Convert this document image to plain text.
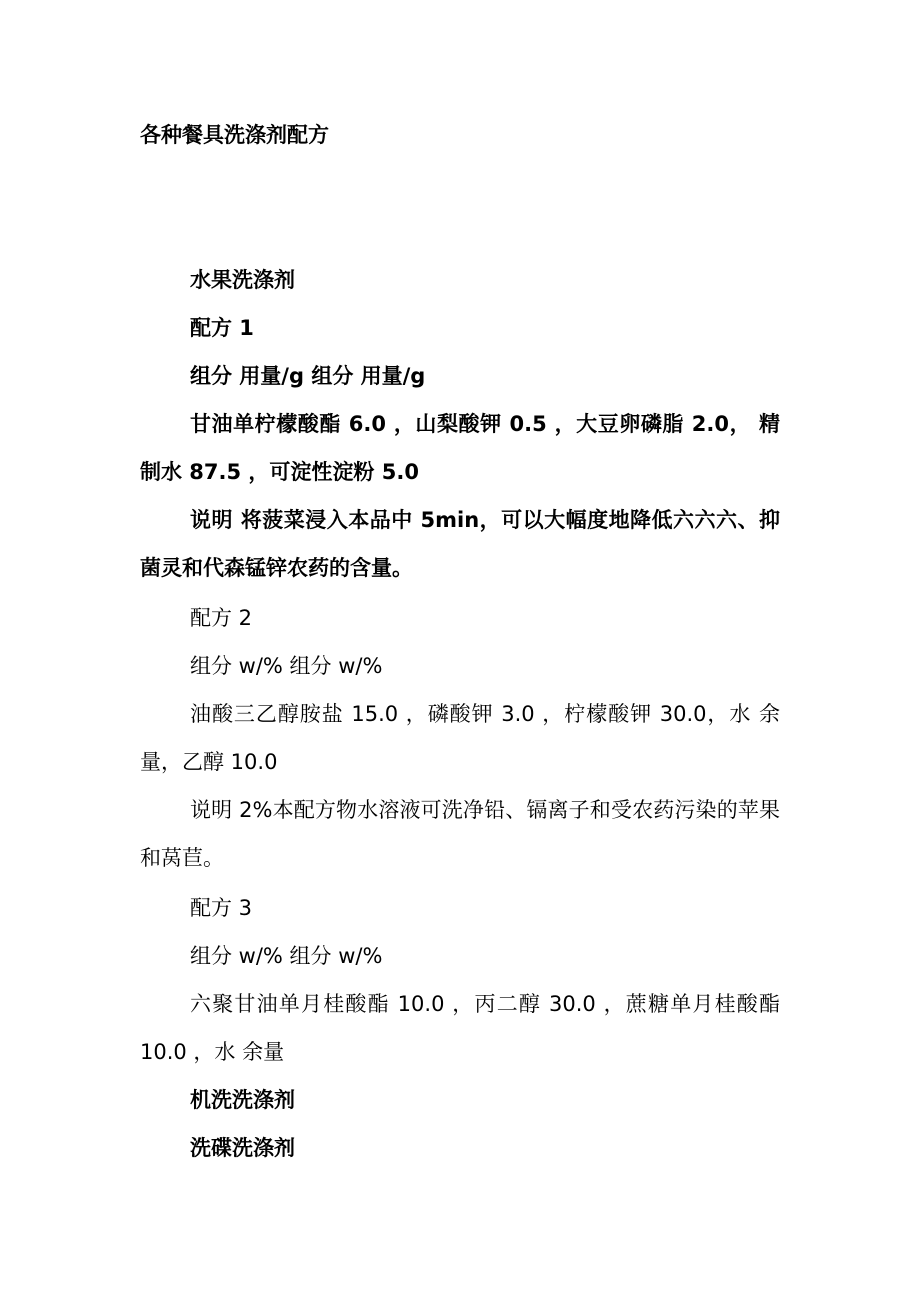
各种餐具洗涤剂配方

水果洗涤剂

配方 1

组分 用量/g 组分 用量/g

甘油单柠檬酸酯 6.0 ，山梨酸钾 0.5 ，大豆卵磷脂 2.0， 精制水 87.5 ，可淀性淀粉 5.0

说明 将菠菜浸入本品中 5min，可以大幅度地降低六六六、抑菌灵和代森锰锌农药的含量。

配方 2

组分 w/% 组分 w/%

油酸三乙醇胺盐 15.0 ，磷酸钾 3.0 ，柠檬酸钾 30.0，水 余量，乙醇 10.0

说明 2%本配方物水溶液可洗净铅、镉离子和受农药污染的苹果和莴苣。

配方 3

组分 w/% 组分 w/%

六聚甘油单月桂酸酯 10.0 ，丙二醇 30.0 ，蔗糖单月桂酸酯 10.0 ，水 余量

机洗洗涤剂

洗碟洗涤剂
